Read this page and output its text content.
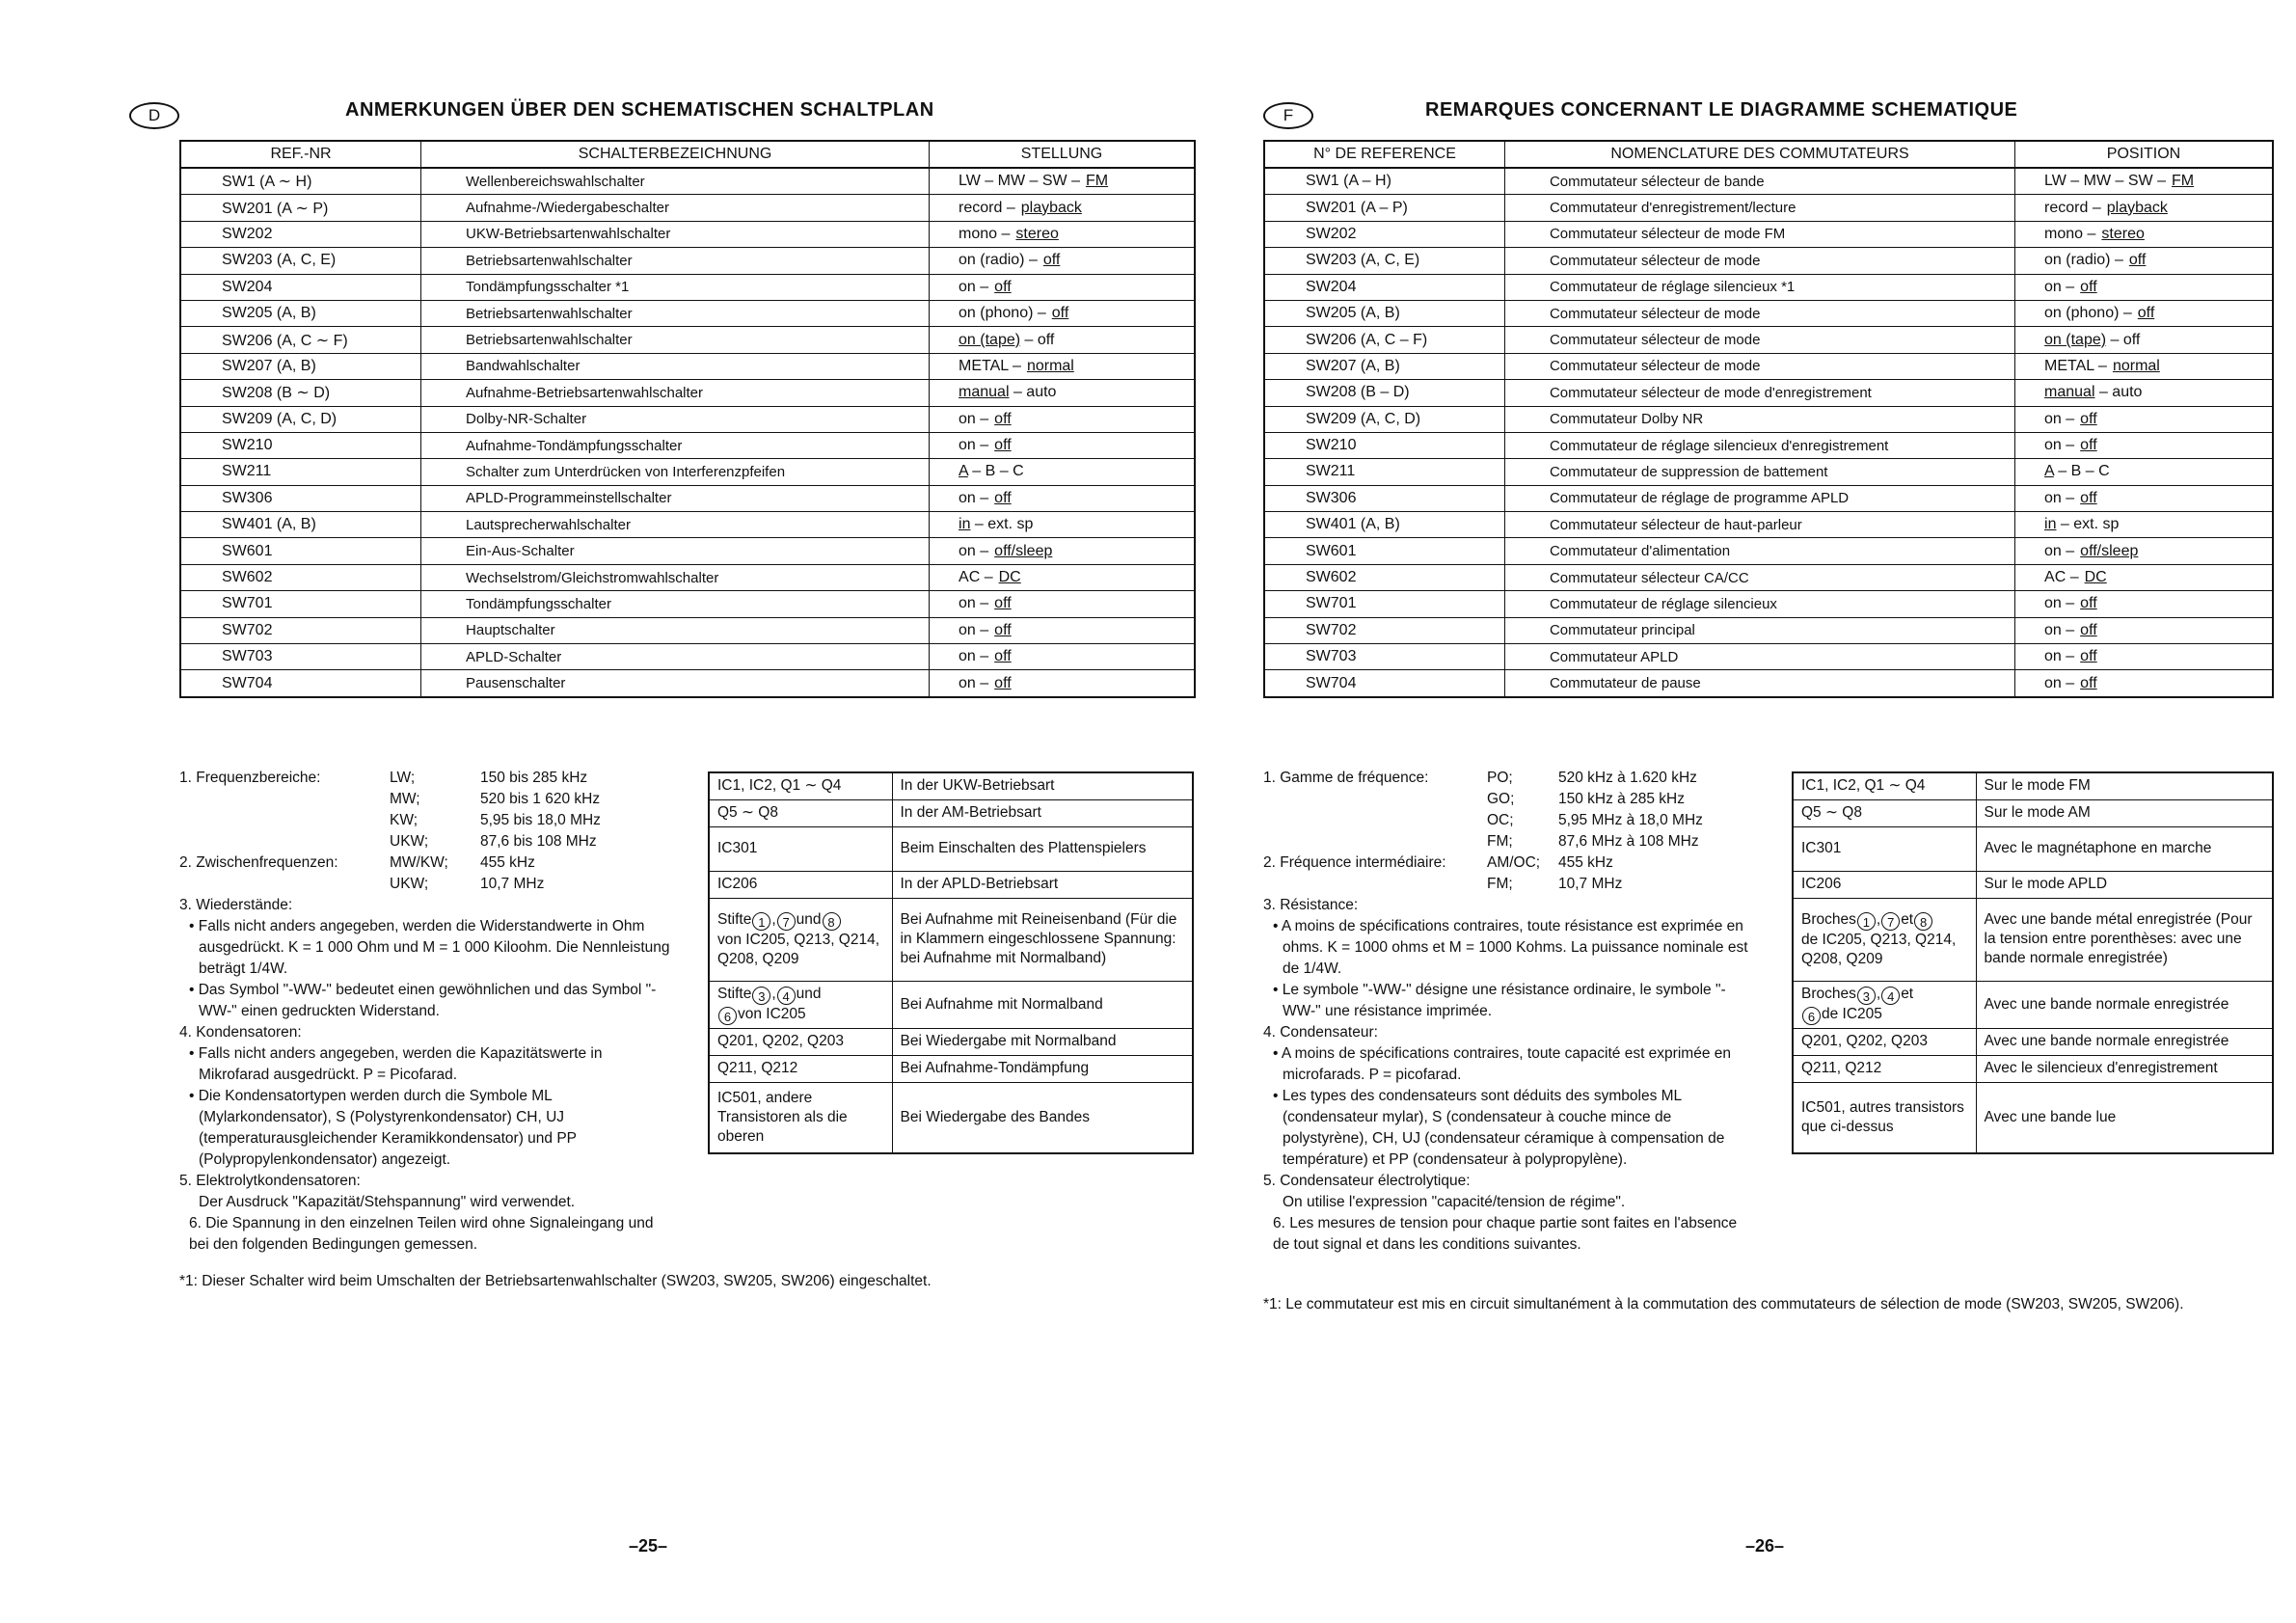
D	ANMERKUNGEN ÜBER DEN SCHEMATISCHEN SCHALTPLAN
REF.-NR	SCHALTERBEZEICHNUNG	STELLUNG
SW1 (A ∼ H)	Wellenbereichswahlschalter	LW – MW – SW – FM
SW201 (A ∼ P)	Aufnahme-/Wiedergabeschalter	record – playback
SW202	UKW-Betriebsartenwahlschalter	mono – stereo
SW203 (A, C, E)	Betriebsartenwahlschalter	on (radio) – off
SW204	Tondämpfungsschalter *1	on – off
SW205 (A, B)	Betriebsartenwahlschalter	on (phono) – off
SW206 (A, C ∼ F)	Betriebsartenwahlschalter	on (tape) – off
SW207 (A, B)	Bandwahlschalter	METAL – normal
SW208 (B ∼ D)	Aufnahme-Betriebsartenwahlschalter	manual – auto
SW209 (A, C, D)	Dolby-NR-Schalter	on – off
SW210	Aufnahme-Tondämpfungsschalter	on – off
SW211	Schalter zum Unterdrücken von Interferenzpfeifen	A – B – C
SW306	APLD-Programmeinstellschalter	on – off
SW401 (A, B)	Lautsprecherwahlschalter	in – ext. sp
SW601	Ein-Aus-Schalter	on – off/sleep
SW602	Wechselstrom/Gleichstromwahlschalter	AC – DC
SW701	Tondämpfungsschalter	on – off
SW702	Hauptschalter	on – off
SW703	APLD-Schalter	on – off
SW704	Pausenschalter	on – off
1. Frequenzbereiche:	LW;	150 bis 285 kHz
MW;	520 bis 1 620 kHz
KW;	5,95 bis 18,0 MHz
UKW;	87,6 bis 108 MHz
2. Zwischenfrequenzen:	MW/KW;	455 kHz
UKW;	10,7 MHz

3. Wiederstände:

• Falls nicht anders angegeben, werden die Widerstandwerte in Ohm ausgedrückt. K = 1 000 Ohm und M = 1 000 Kiloohm. Die Nennleistung beträgt 1/4W.

• Das Symbol "-WW-" bedeutet einen gewöhnlichen und das Symbol "-WW-" einen gedruckten Widerstand.

4. Kondensatoren:

• Falls nicht anders angegeben, werden die Kapazitätswerte in Mikrofarad ausgedrückt. P = Picofarad.

• Die Kondensatortypen werden durch die Symbole ML (Mylarkondensator), S (Polystyrenkondensator) CH, UJ (temperaturausgleichender Keramikkondensator) und PP (Polypropylenkondensator) angezeigt.

5. Elektrolytkondensatoren:

Der Ausdruck "Kapazität/Stehspannung" wird verwendet.

6. Die Spannung in den einzelnen Teilen wird ohne Signaleingang und bei den folgenden Bedingungen gemessen.

IC1, IC2, Q1 ∼ Q4	In der UKW-Betriebsart
Q5 ∼ Q8	In der AM-Betriebsart
IC301	Beim Einschalten des Plattenspielers
IC206	In der APLD-Betriebsart
Stifte 1 , 7 und 8
von IC205, Q213, Q214, Q208, Q209	Bei Aufnahme mit Reineisenband (Für die in Klammern eingeschlossene Spannung: bei Aufnahme mit Normalband)
Stifte 3 , 4 und
6 von IC205	Bei Aufnahme mit Normalband
Q201, Q202, Q203	Bei Wiedergabe mit Normalband
Q211, Q212	Bei Aufnahme-Tondämpfung
IC501, andere Transistoren als die oberen	Bei Wiedergabe des Bandes
*1: Dieser Schalter wird beim Umschalten der Betriebsartenwahlschalter (SW203, SW205, SW206) eingeschaltet.
–25–
F	REMARQUES CONCERNANT LE DIAGRAMME SCHEMATIQUE
N° DE REFERENCE	NOMENCLATURE DES COMMUTATEURS	POSITION
SW1 (A – H)	Commutateur sélecteur de bande	LW – MW – SW – FM
SW201 (A – P)	Commutateur d'enregistrement/lecture	record – playback
SW202	Commutateur sélecteur de mode FM	mono – stereo
SW203 (A, C, E)	Commutateur sélecteur de mode	on (radio) – off
SW204	Commutateur de réglage silencieux *1	on – off
SW205 (A, B)	Commutateur sélecteur de mode	on (phono) – off
SW206 (A, C – F)	Commutateur sélecteur de mode	on (tape) – off
SW207 (A, B)	Commutateur sélecteur de mode	METAL – normal
SW208 (B – D)	Commutateur sélecteur de mode d'enregistrement	manual – auto
SW209 (A, C, D)	Commutateur Dolby NR	on – off
SW210	Commutateur de réglage silencieux d'enregistrement	on – off
SW211	Commutateur de suppression de battement	A – B – C
SW306	Commutateur de réglage de programme APLD	on – off
SW401 (A, B)	Commutateur sélecteur de haut-parleur	in – ext. sp
SW601	Commutateur d'alimentation	on – off/sleep
SW602	Commutateur sélecteur CA/CC	AC – DC
SW701	Commutateur de réglage silencieux	on – off
SW702	Commutateur principal	on – off
SW703	Commutateur APLD	on – off
SW704	Commutateur de pause	on – off
1. Gamme de fréquence:	PO;	520 kHz à 1.620 kHz
GO;	150 kHz à 285 kHz
OC;	5,95 MHz à 18,0 MHz
FM;	87,6 MHz à 108 MHz
2. Fréquence intermédiaire:	AM/OC;	455 kHz
FM;	10,7 MHz

3. Résistance:

• A moins de spécifications contraires, toute résistance est exprimée en ohms. K = 1000 ohms et M = 1000 Kohms. La puissance nominale est de 1/4W.

• Le symbole "-WW-" désigne une résistance ordinaire, le symbole "-WW-" une résistance imprimée.

4. Condensateur:

• A moins de spécifications contraires, toute capacité est exprimée en microfarads. P = picofarad.

• Les types des condensateurs sont déduits des symboles ML (condensateur mylar), S (condensateur à couche mince de polystyrène), CH, UJ (condensateur céramique à compensation de température) et PP (condensateur à polypropylène).

5. Condensateur électrolytique:

On utilise l'expression "capacité/tension de régime".

6. Les mesures de tension pour chaque partie sont faites en l'absence de tout signal et dans les conditions suivantes.

IC1, IC2, Q1 ∼ Q4	Sur le mode FM
Q5 ∼ Q8	Sur le mode AM
IC301	Avec le magnétaphone en marche
IC206	Sur le mode APLD
Broches 1 , 7 et 8
de IC205, Q213, Q214, Q208, Q209	Avec une bande métal enregistrée (Pour la tension entre porenthèses: avec une bande normale enregistrée)
Broches 3 , 4 et
6 de IC205	Avec une bande normale enregistrée
Q201, Q202, Q203	Avec une bande normale enregistrée
Q211, Q212	Avec le silencieux d'enregistrement
IC501, autres transistors que ci-dessus	Avec une bande lue
*1: Le commutateur est mis en circuit simultanément à la commutation des commutateurs de sélection de mode (SW203, SW205, SW206).
–26–
